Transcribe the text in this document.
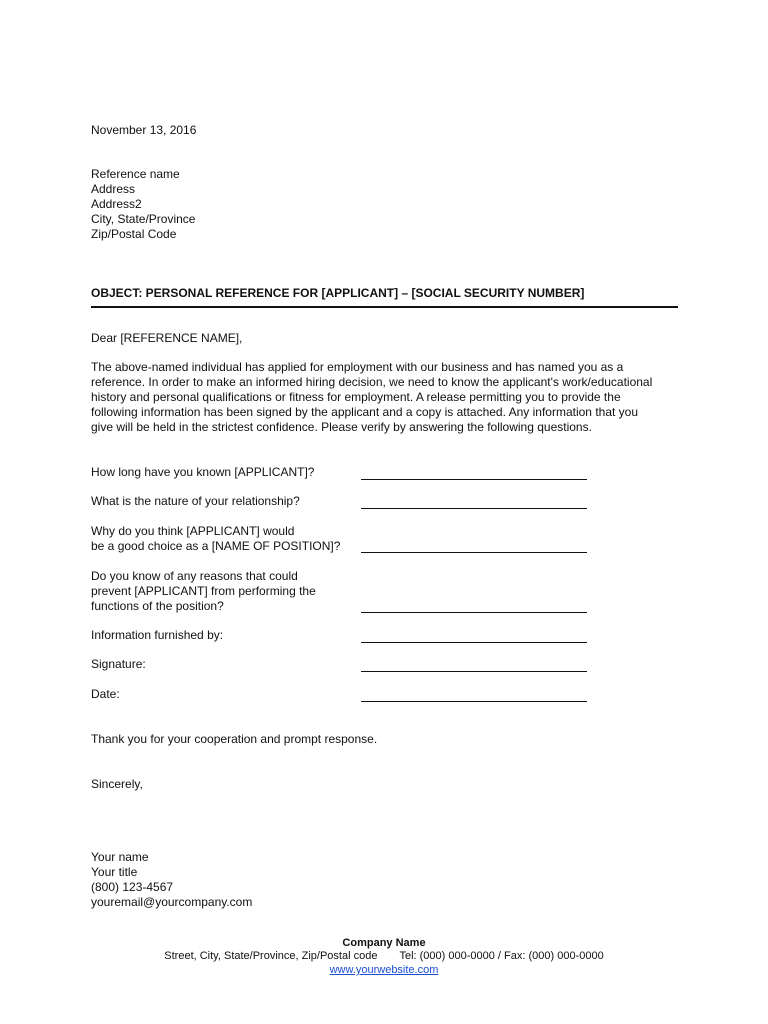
November 13, 2016
Reference name
Address
Address2
City, State/Province
Zip/Postal Code
OBJECT: PERSONAL REFERENCE FOR [APPLICANT] – [SOCIAL SECURITY NUMBER]
Dear [REFERENCE NAME],
The above-named individual has applied for employment with our business and has named you as a
reference. In order to make an informed hiring decision, we need to know the applicant's work/educational
history and personal qualifications or fitness for employment. A release permitting you to provide the
following information has been signed by the applicant and a copy is attached. Any information that you
give will be held in the strictest confidence. Please verify by answering the following questions.
How long have you known [APPLICANT]?
What is the nature of your relationship?
Why do you think [APPLICANT] would
be a good choice as a [NAME OF POSITION]?
Do you know of any reasons that could
prevent [APPLICANT] from performing the
functions of the position?
Information furnished by:
Signature:
Date:
Thank you for your cooperation and prompt response.
Sincerely,
Your name
Your title
(800) 123-4567
youremail@yourcompany.com
Company Name
Street, City, State/Province, Zip/Postal code Tel: (000) 000-0000 / Fax: (000) 000-0000
www.yourwebsite.com
